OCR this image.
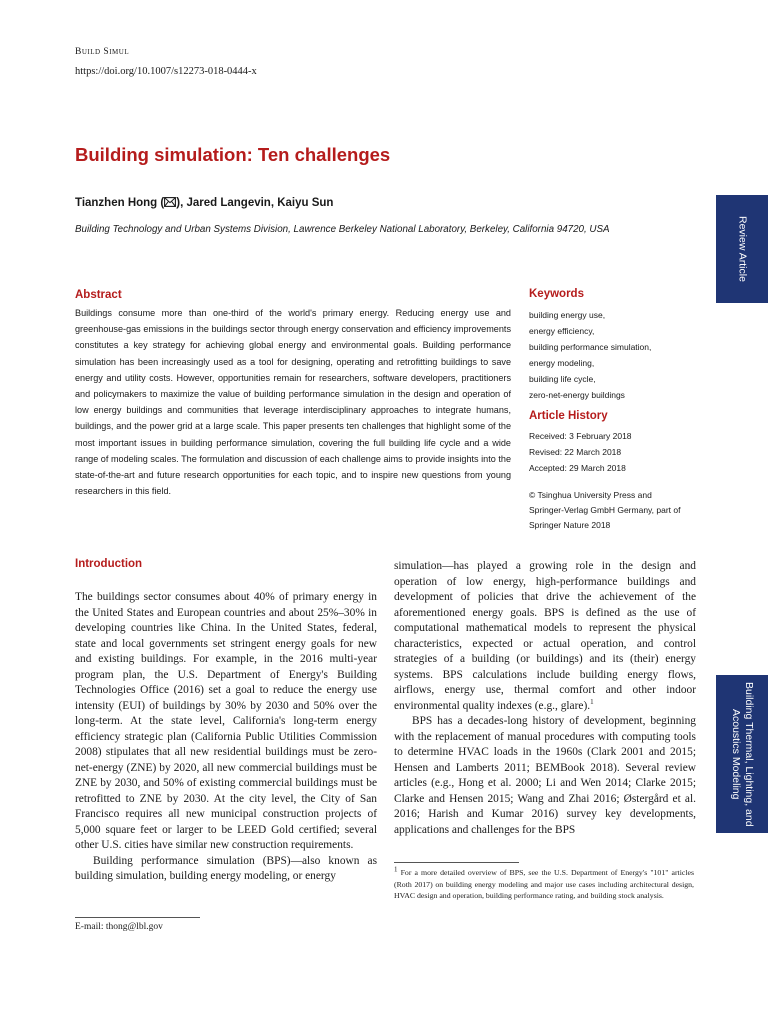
Build Simul
https://doi.org/10.1007/s12273-018-0444-x
Building simulation: Ten challenges
Tianzhen Hong ( ), Jared Langevin, Kaiyu Sun
Building Technology and Urban Systems Division, Lawrence Berkeley National Laboratory, Berkeley, California 94720, USA	Review Article
Building Thermal, Lighting, and Acoustics Modeling
Abstract

Buildings consume more than one-third of the world's primary energy. Reducing energy use and greenhouse-gas emissions in the buildings sector through energy conservation and efficiency improvements constitutes a key strategy for achieving global energy and environmental goals. Building performance simulation has been increasingly used as a tool for designing, operating and retrofitting buildings to save energy and utility costs. However, opportunities remain for researchers, software developers, practitioners and policymakers to maximize the value of building performance simulation in the design and operation of low energy buildings and communities that leverage interdisciplinary approaches to integrate humans, buildings, and the power grid at a large scale. This paper presents ten challenges that highlight some of the most important issues in building performance simulation, covering the full building life cycle and a wide range of modeling scales. The formulation and discussion of each challenge aims to provide insights into the state-of-the-art and future research opportunities for each topic, and to inspire new questions from young researchers in this field.

Keywords
building energy use,
energy efficiency,
building performance simulation,
energy modeling,
building life cycle,
zero-net-energy buildings
Article History
Received: 3 February 2018
Revised: 22 March 2018
Accepted: 29 March 2018
© Tsinghua University Press and Springer-Verlag GmbH Germany, part of Springer Nature 2018
Introduction

The buildings sector consumes about 40% of primary energy in the United States and European countries and about 25%–30% in developing countries like China. In the United States, federal, state and local governments set stringent energy goals for new and existing buildings. For example, in the 2016 multi-year program plan, the U.S. Department of Energy's Building Technologies Office (2016) set a goal to reduce the energy use intensity (EUI) of buildings by 30% by 2030 and 50% over the long-term. At the state level, California's long-term energy efficiency strategic plan (California Public Utilities Commission 2008) stipulates that all new residential buildings must be zero-net-energy (ZNE) by 2020, all new commercial buildings must be ZNE by 2030, and 50% of existing commercial buildings must be retrofitted to ZNE by 2030. At the city level, the City of San Francisco requires all new municipal construction projects of 5,000 square feet or larger to be LEED Gold certified; several other U.S. cities have similar new construction requirements.

Building performance simulation (BPS)—also known as building simulation, building energy modeling, or energy

simulation—has played a growing role in the design and operation of low energy, high-performance buildings and development of policies that drive the achievement of the aforementioned energy goals. BPS is defined as the use of computational mathematical models to represent the physical characteristics, expected or actual operation, and control strategies of a building (or buildings) and its (their) energy systems. BPS calculations include building energy flows, airflows, energy use, thermal comfort and other indoor environmental quality indexes (e.g., glare).$^1$

BPS has a decades-long history of development, beginning with the replacement of manual procedures with computing tools to determine HVAC loads in the 1960s (Clark 2001 and 2015; Hensen and Lamberts 2011; BEMBook 2018). Several review articles (e.g., Hong et al. 2000; Li and Wen 2014; Clarke 2015; Clarke and Hensen 2015; Wang and Zhai 2016; Østergård et al. 2016; Harish and Kumar 2016) survey key developments, applications and challenges for the BPS

$^1$ For a more detailed overview of BPS, see the U.S. Department of Energy's "101" articles (Roth 2017) on building energy modeling and major use cases including architectural design, HVAC design and operation, building performance rating, and building stock analysis.
E-mail: thong@lbl.gov
